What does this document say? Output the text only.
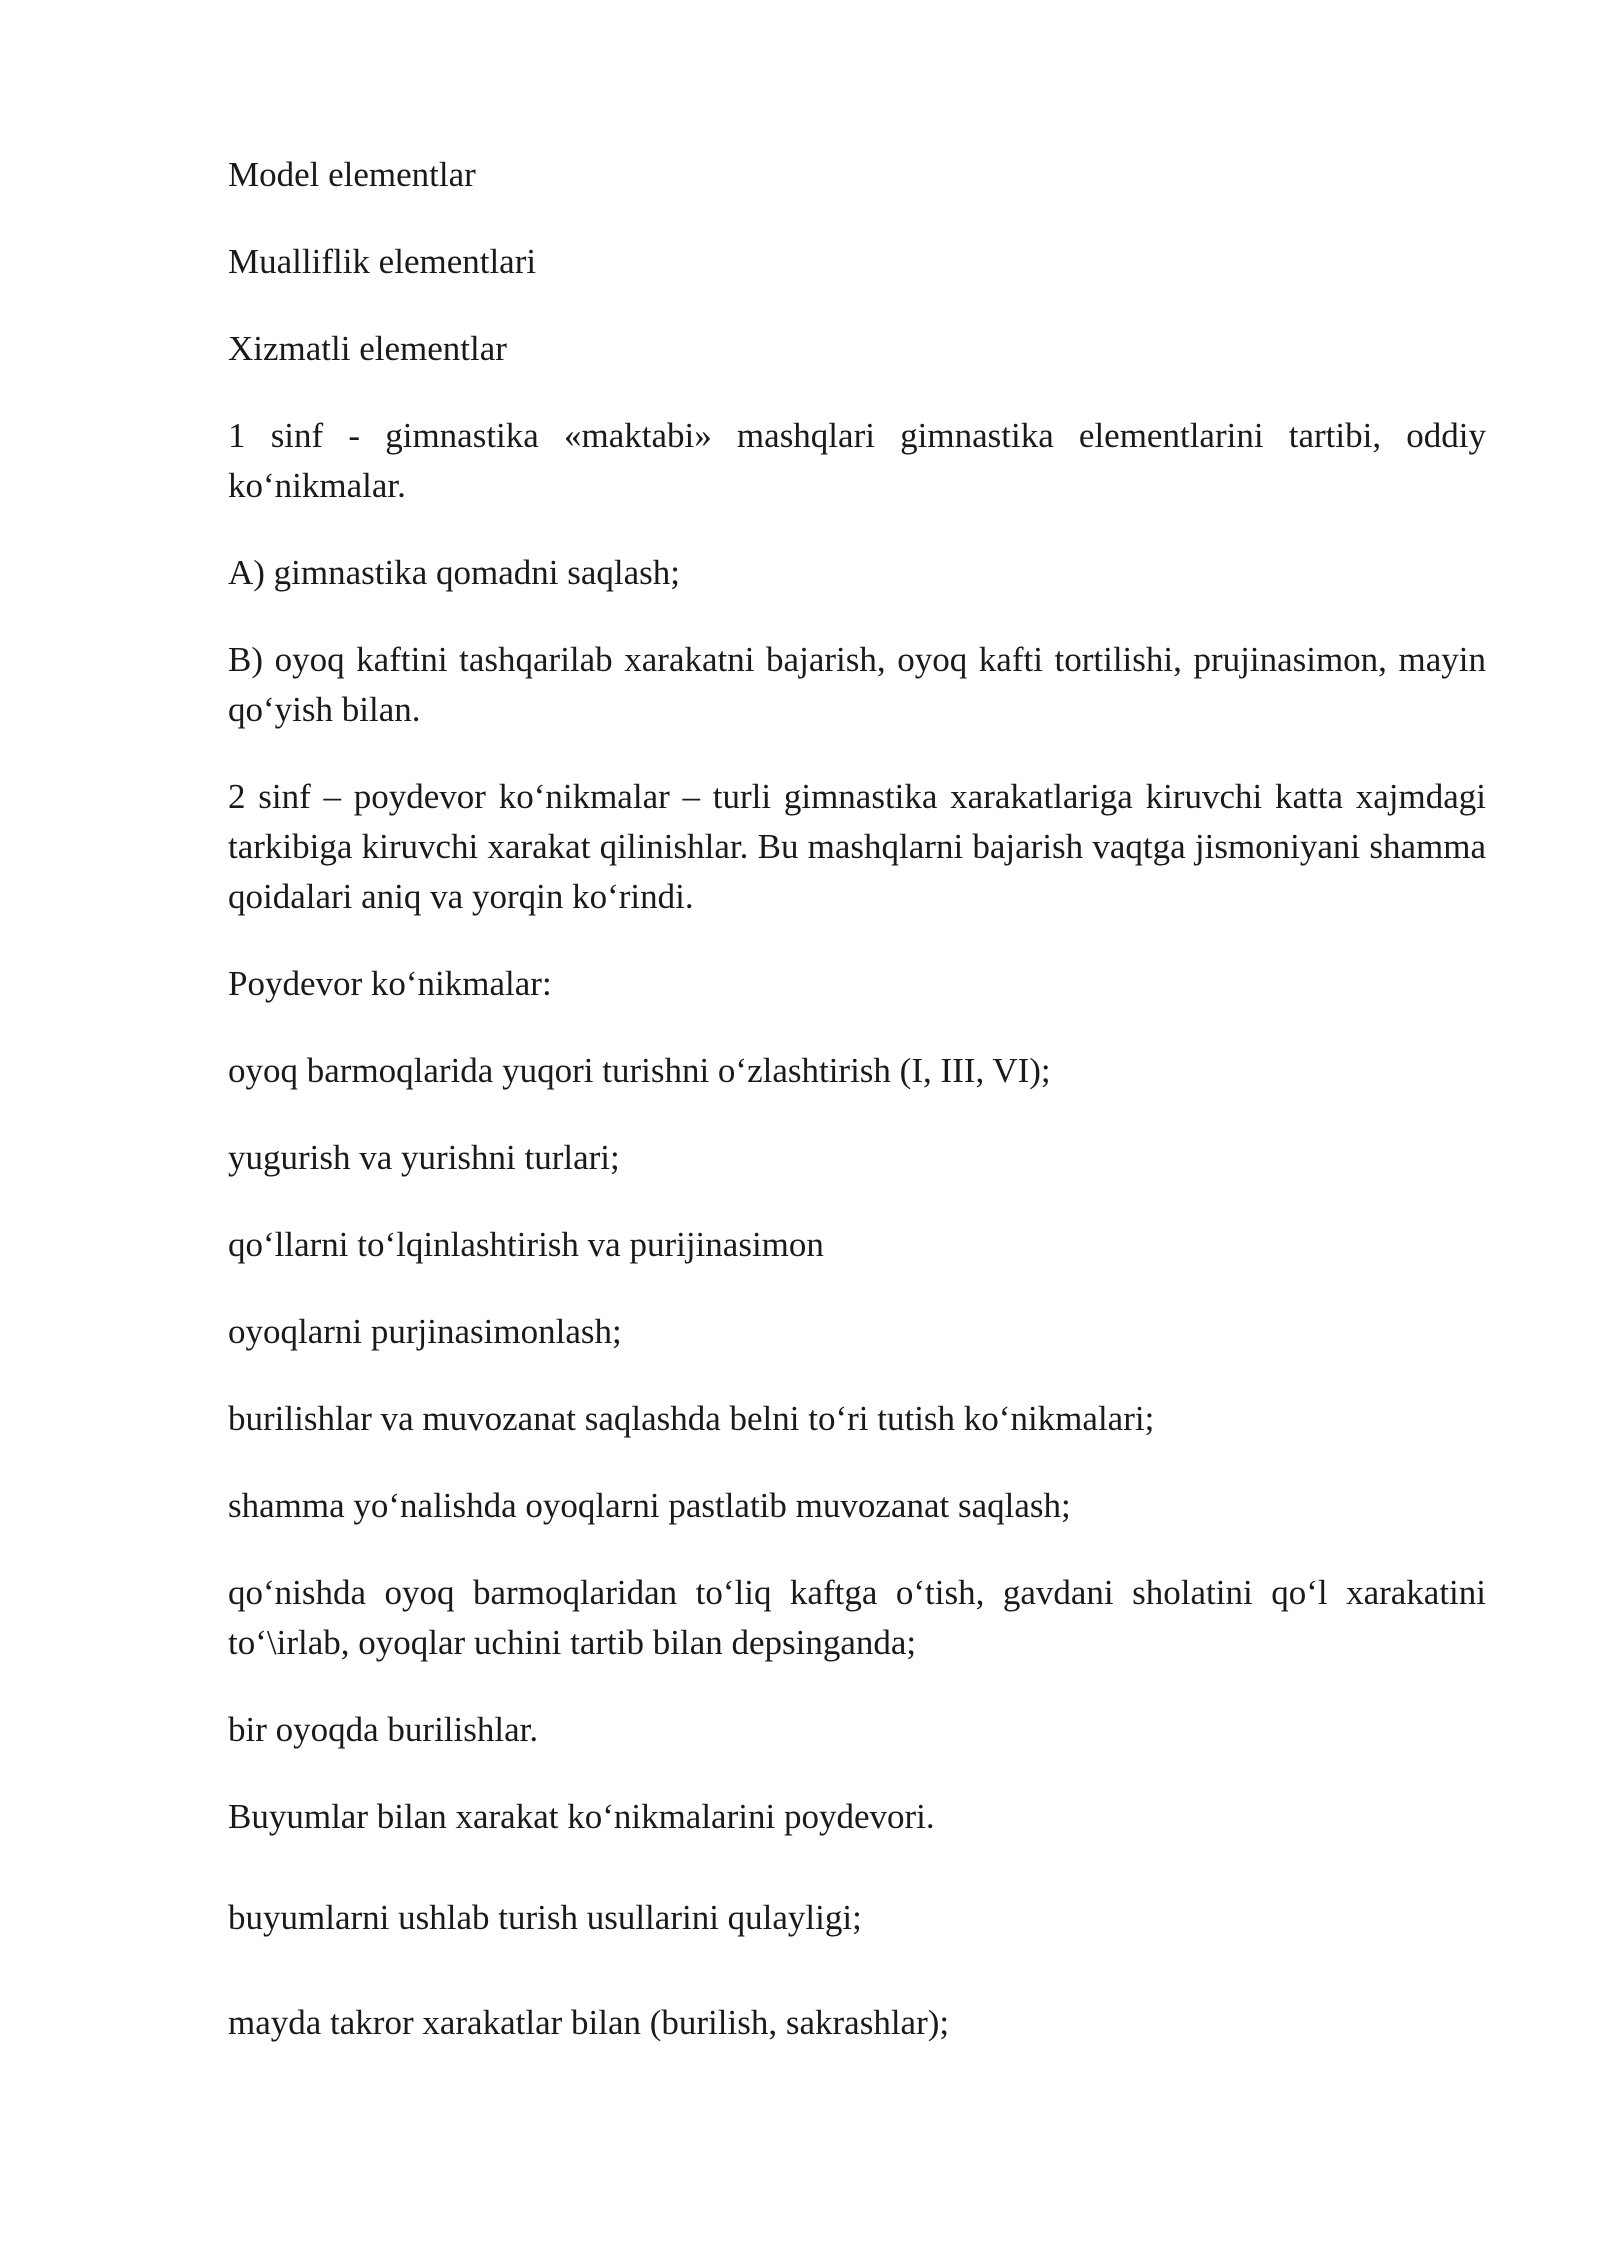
Model elementlar

Mualliflik elementlari

Xizmatli elementlar

1 sinf - gimnastika «maktabi» mashqlari gimnastika elementlarini tartibi, oddiy ko‘nikmalar.

A) gimnastika qomadni saqlash;

B) oyoq kaftini tashqarilab xarakatni bajarish, oyoq kafti tortilishi, prujinasimon, mayin qo‘yish bilan.

2 sinf – poydevor ko‘nikmalar – turli gimnastika xarakatlariga kiruvchi katta xajmdagi tarkibiga kiruvchi xarakat qilinishlar. Bu mashqlarni bajarish vaqtga jismoniyani shamma qoidalari aniq va yorqin ko‘rindi.

Poydevor ko‘nikmalar:

oyoq barmoqlarida yuqori turishni o‘zlashtirish (I, III, VI);

yugurish va yurishni turlari;

qo‘llarni to‘lqinlashtirish va purijinasimon

oyoqlarni purjinasimonlash;

burilishlar va muvozanat saqlashda belni to‘ri tutish ko‘nikmalari;

shamma yo‘nalishda oyoqlarni pastlatib muvozanat saqlash;

qo‘nishda oyoq barmoqlaridan to‘liq kaftga o‘tish, gavdani sholatini qo‘l xarakatini to‘\irlab, oyoqlar uchini tartib bilan depsinganda;

bir oyoqda burilishlar.

Buyumlar bilan xarakat ko‘nikmalarini poydevori.

buyumlarni ushlab turish usullarini qulayligi;

mayda takror xarakatlar bilan (burilish, sakrashlar);
